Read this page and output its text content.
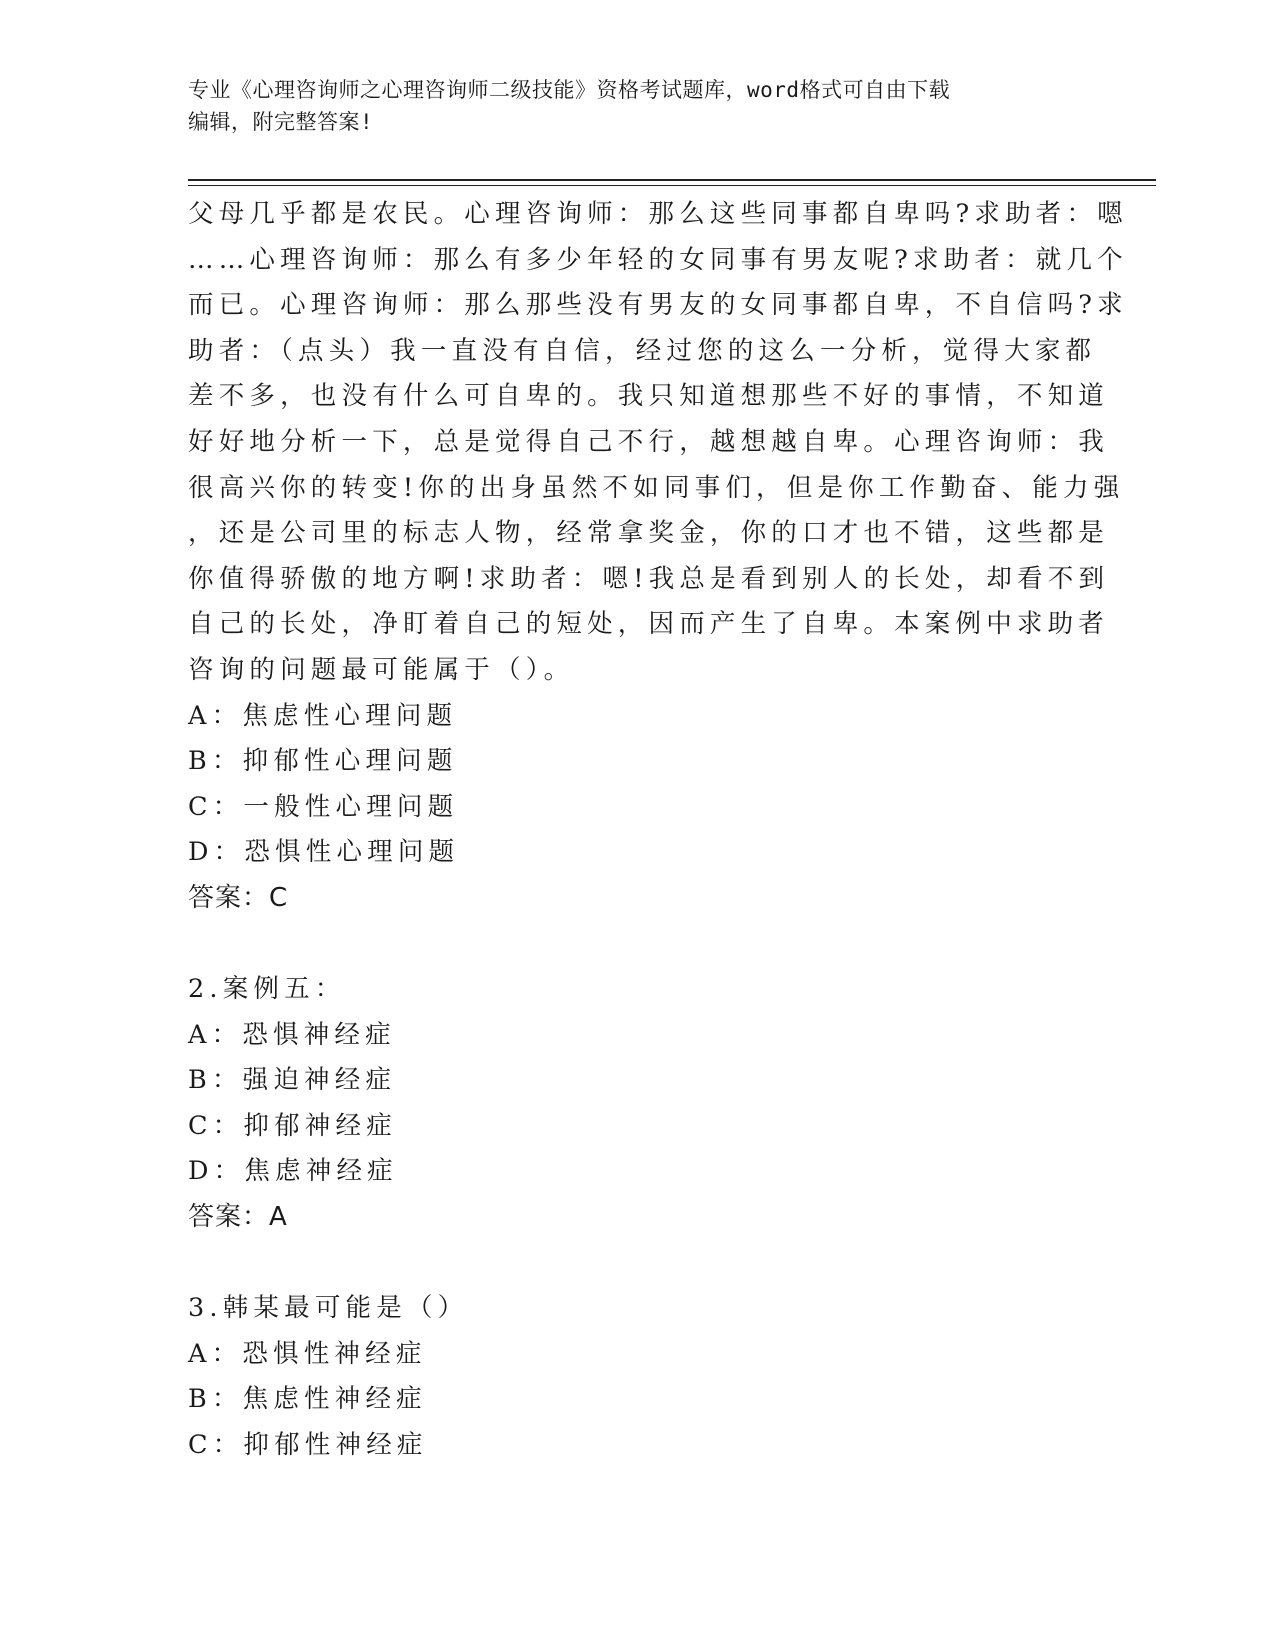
专业《心理咨询师之心理咨询师二级技能》资格考试题库，word格式可自由下载
编辑，附完整答案!
父母几乎都是农民。心理咨询师：那么这些同事都自卑吗?求助者：嗯
……心理咨询师：那么有多少年轻的女同事有男友呢?求助者：就几个
而已。心理咨询师：那么那些没有男友的女同事都自卑，不自信吗?求
助者：（点头）我一直没有自信，经过您的这么一分析，觉得大家都
差不多，也没有什么可自卑的。我只知道想那些不好的事情，不知道
好好地分析一下，总是觉得自己不行，越想越自卑。心理咨询师：我
很高兴你的转变!你的出身虽然不如同事们，但是你工作勤奋、能力强
，还是公司里的标志人物，经常拿奖金，你的口才也不错，这些都是
你值得骄傲的地方啊!求助者：嗯!我总是看到别人的长处，却看不到
自己的长处，净盯着自己的短处，因而产生了自卑。本案例中求助者
咨询的问题最可能属于（）。
A：焦虑性心理问题
B：抑郁性心理问题
C：一般性心理问题
D：恐惧性心理问题
答案：C
2.案例五：
A：恐惧神经症
B：强迫神经症
C：抑郁神经症
D：焦虑神经症
答案：A
3.韩某最可能是（）
A：恐惧性神经症
B：焦虑性神经症
C：抑郁性神经症
